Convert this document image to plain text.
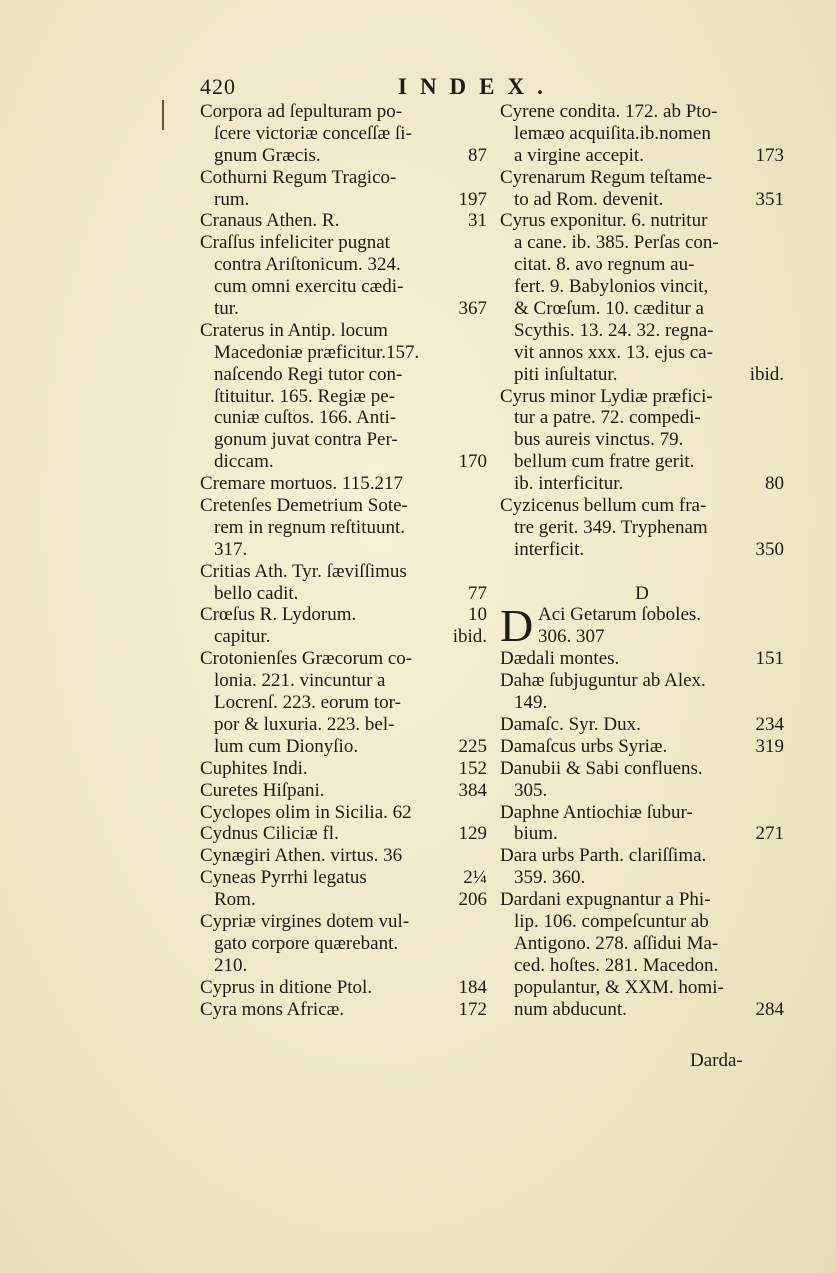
420	INDEX.
Corpora ad ſepulturam po-
ſcere victoriæ conceſſæ ſi-
gnum Græcis.	87
Cothurni Regum Tragico-
rum.	197
Cranaus Athen. R.	31
Craſſus infeliciter pugnat
contra Ariſtonicum. 324.
cum omni exercitu cædi-
tur.	367
Craterus in Antip. locum
Macedoniæ præficitur.157.
naſcendo Regi tutor con-
ſtituitur. 165. Regiæ pe-
cuniæ cuſtos. 166. Anti-
gonum juvat contra Per-
diccam.	170
Cremare mortuos. 115.217
Cretenſes Demetrium Sote-
rem in regnum reſtituunt.
317.
Critias Ath. Tyr. ſæviſſimus
bello cadit.	77
Crœſus R. Lydorum.	10
capitur.	ibid.
Crotonienſes Græcorum co-
lonia. 221. vincuntur a
Locrenſ. 223. eorum tor-
por & luxuria. 223. bel-
lum cum Dionyſio.	225
Cuphites Indi.	152
Curetes Hiſpani.	384
Cyclopes olim in Sicilia. 62
Cydnus Ciliciæ fl.	129
Cynægiri Athen. virtus. 36
Cyneas Pyrrhi legatus	2¼
Rom.	206
Cypriæ virgines dotem vul-
gato corpore quærebant.
210.
Cyprus in ditione Ptol.	184
Cyra mons Africæ.	172
Cyrene condita. 172. ab Pto-
lemæo acquiſita.ib.nomen
a virgine accepit.	173
Cyrenarum Regum teſtame-
to ad Rom. devenit.	351
Cyrus exponitur. 6. nutritur
a cane. ib. 385. Perſas con-
citat. 8. avo regnum au-
fert. 9. Babylonios vincit,
& Crœſum. 10. cæditur a
Scythis. 13. 24. 32. regna-
vit annos xxx. 13. ejus ca-
piti inſultatur.	ibid.
Cyrus minor Lydiæ præfici-
tur a patre. 72. compedi-
bus aureis vinctus. 79.
bellum cum fratre gerit.
ib. interficitur.	80
Cyzicenus bellum cum fra-
tre gerit. 349. Tryphenam
interficit.	350
D
D Aci Getarum ſoboles.
306. 307
Dædali montes.	151
Dahæ ſubjuguntur ab Alex.
149.
Damaſc. Syr. Dux.	234
Damaſcus urbs Syriæ.	319
Danubii & Sabi confluens.
305.
Daphne Antiochiæ ſubur-
bium.	271
Dara urbs Parth. clariſſima.
359. 360.
Dardani expugnantur a Phi-
lip. 106. compeſcuntur ab
Antigono. 278. aſſidui Ma-
ced. hoſtes. 281. Macedon.
populantur, & XXM. homi-
num abducunt.	284
Darda-
